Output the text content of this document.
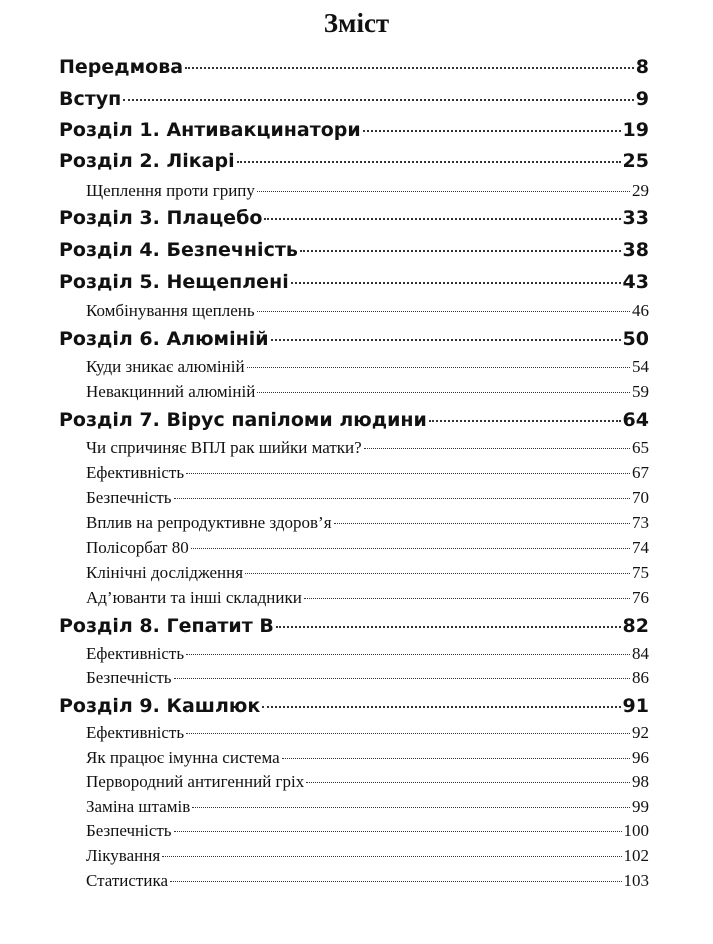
Зміст
Передмова	8
Вступ	9
Розділ 1. Антивакцинатори	19
Розділ 2. Лікарі	25
Щеплення проти грипу	29
Розділ 3. Плацебо	33
Розділ 4. Безпечність	38
Розділ 5. Нещеплені	43
Комбінування щеплень	46
Розділ 6. Алюміній	50
Куди зникає алюміній	54
Невакцинний алюміній	59
Розділ 7. Вірус папіломи людини	64
Чи спричиняє ВПЛ рак шийки матки?	65
Ефективність	67
Безпечність	70
Вплив на репродуктивне здоров’я	73
Полісорбат 80	74
Клінічні дослідження	75
Ад’юванти та інші складники	76
Розділ 8. Гепатит В	82
Ефективність	84
Безпечність	86
Розділ 9. Кашлюк	91
Ефективність	92
Як працює імунна система	96
Первородний антигенний гріх	98
Заміна штамів	99
Безпечність	100
Лікування	102
Статистика	103
